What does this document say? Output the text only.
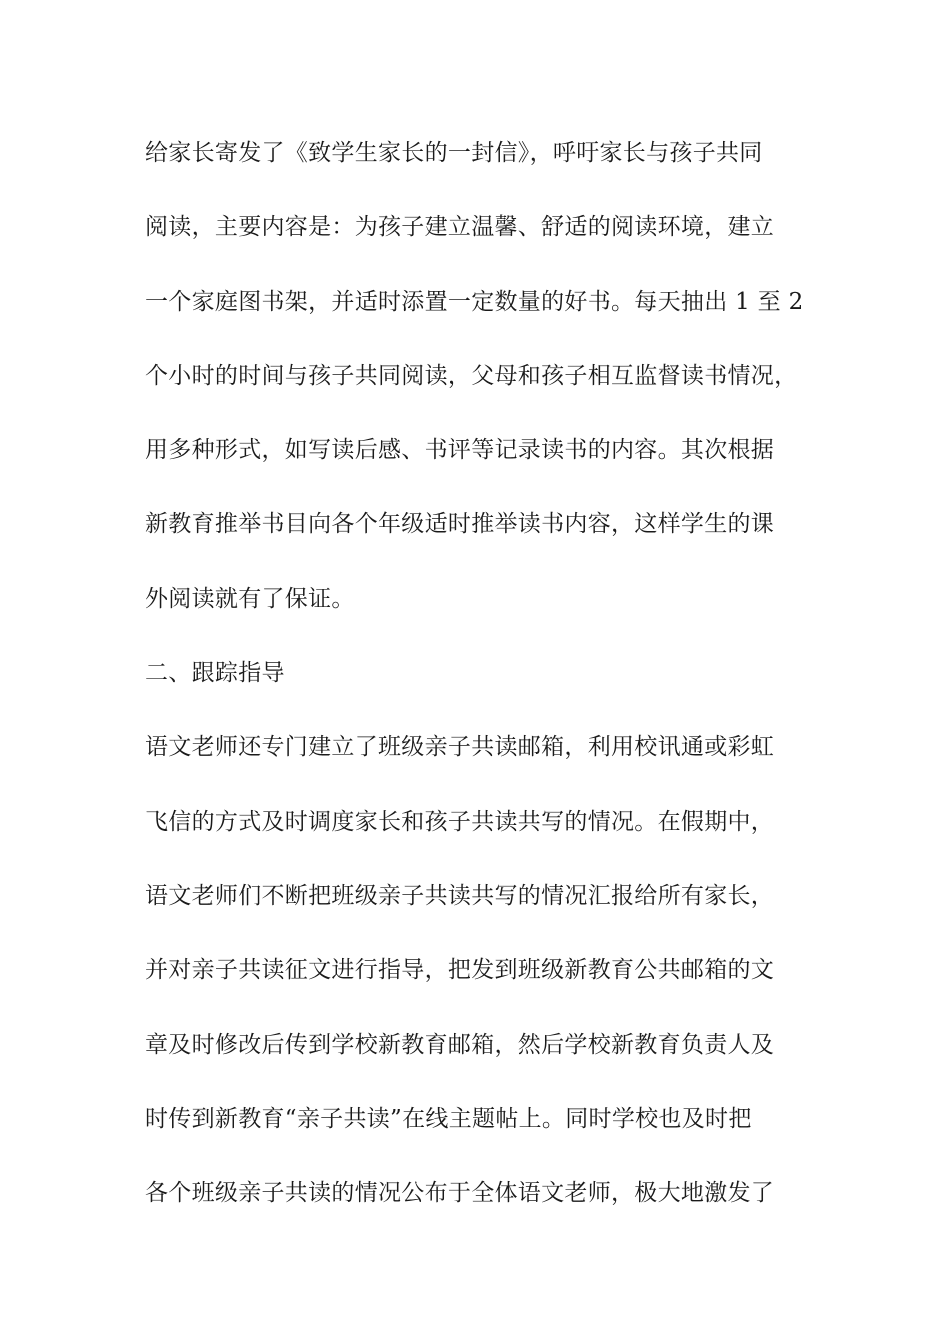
给家长寄发了《致学生家长的一封信》，呼吁家长与孩子共同
阅读，主要内容是：为孩子建立温馨、舒适的阅读环境，建立
一个家庭图书架，并适时添置一定数量的好书。每天抽出 1 至 2
个小时的时间与孩子共同阅读，父母和孩子相互监督读书情况，
用多种形式，如写读后感、书评等记录读书的内容。其次根据
新教育推举书目向各个年级适时推举读书内容，这样学生的课
外阅读就有了保证。
二、跟踪指导
语文老师还专门建立了班级亲子共读邮箱，利用校讯通或彩虹
飞信的方式及时调度家长和孩子共读共写的情况。在假期中，
语文老师们不断把班级亲子共读共写的情况汇报给所有家长，
并对亲子共读征文进行指导，把发到班级新教育公共邮箱的文
章及时修改后传到学校新教育邮箱，然后学校新教育负责人及
时传到新教育“亲子共读”在线主题帖上。同时学校也及时把
各个班级亲子共读的情况公布于全体语文老师，极大地激发了
